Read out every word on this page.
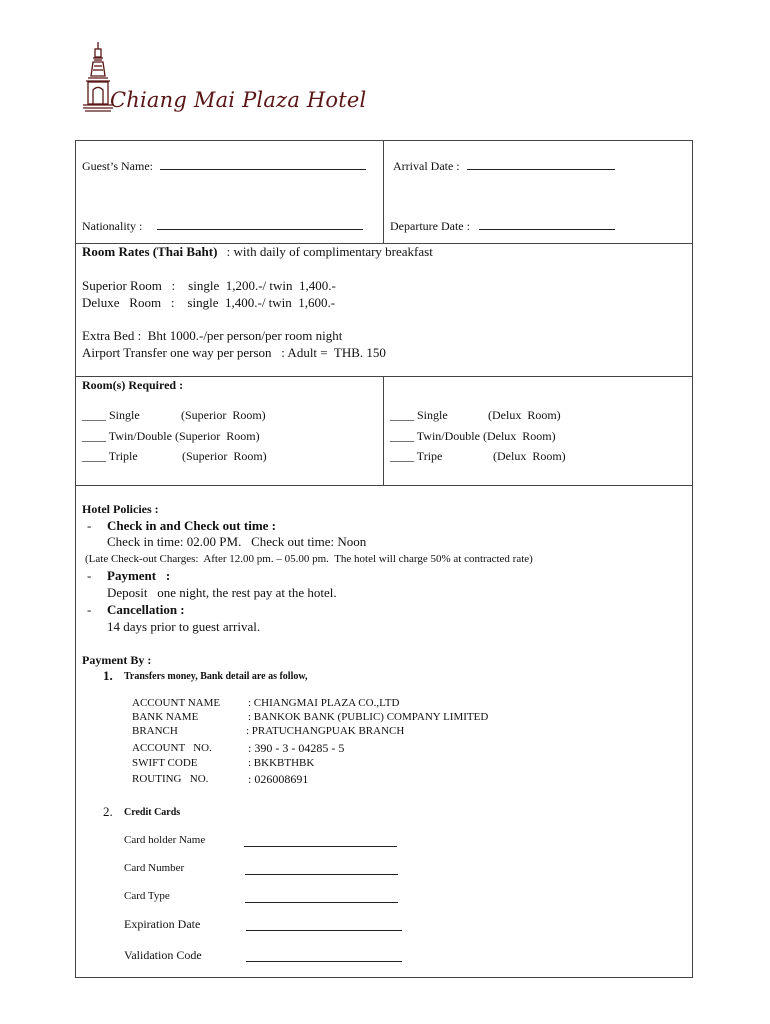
Chiang Mai Plaza Hotel
Guest’s Name:	Arrival Date :
Nationality :	Departure Date :
Room Rates (Thai Baht) : with daily of complimentary breakfast
Superior Room   :    single  1,200.-/ twin  1,400.-
Deluxe   Room   :    single  1,400.-/ twin  1,600.-
Extra Bed :  Bht 1000.-/per person/per room night
Airport Transfer one way per person   : Adult =  THB. 150
Room(s) Required :
____ Single	(Superior  Room)
____ Twin/Double (Superior  Room)
____ Triple	(Superior  Room)
____ Single	(Delux  Room)
____ Twin/Double (Delux  Room)
____ Tripe	(Delux  Room)
Hotel Policies :
- Check in and Check out time :
Check in time: 02.00 PM.   Check out time: Noon
(Late Check-out Charges:  After 12.00 pm. – 05.00 pm.  The hotel will charge 50% at contracted rate)
- Payment   :
Deposit   one night, the rest pay at the hotel.
- Cancellation :
14 days prior to guest arrival.
Payment By :
1. Transfers money, Bank detail are as follow,
ACCOUNT NAME	: CHIANGMAI PLAZA CO.,LTD
BANK NAME	: BANKOK BANK (PUBLIC) COMPANY LIMITED
BRANCH	: PRATUCHANGPUAK BRANCH
ACCOUNT   NO.	: 390 - 3 - 04285 - 5
SWIFT CODE	: BKKBTHBK
ROUTING   NO.	: 026008691
2. Credit Cards
Card holder Name
Card Number
Card Type
Expiration Date
Validation Code
